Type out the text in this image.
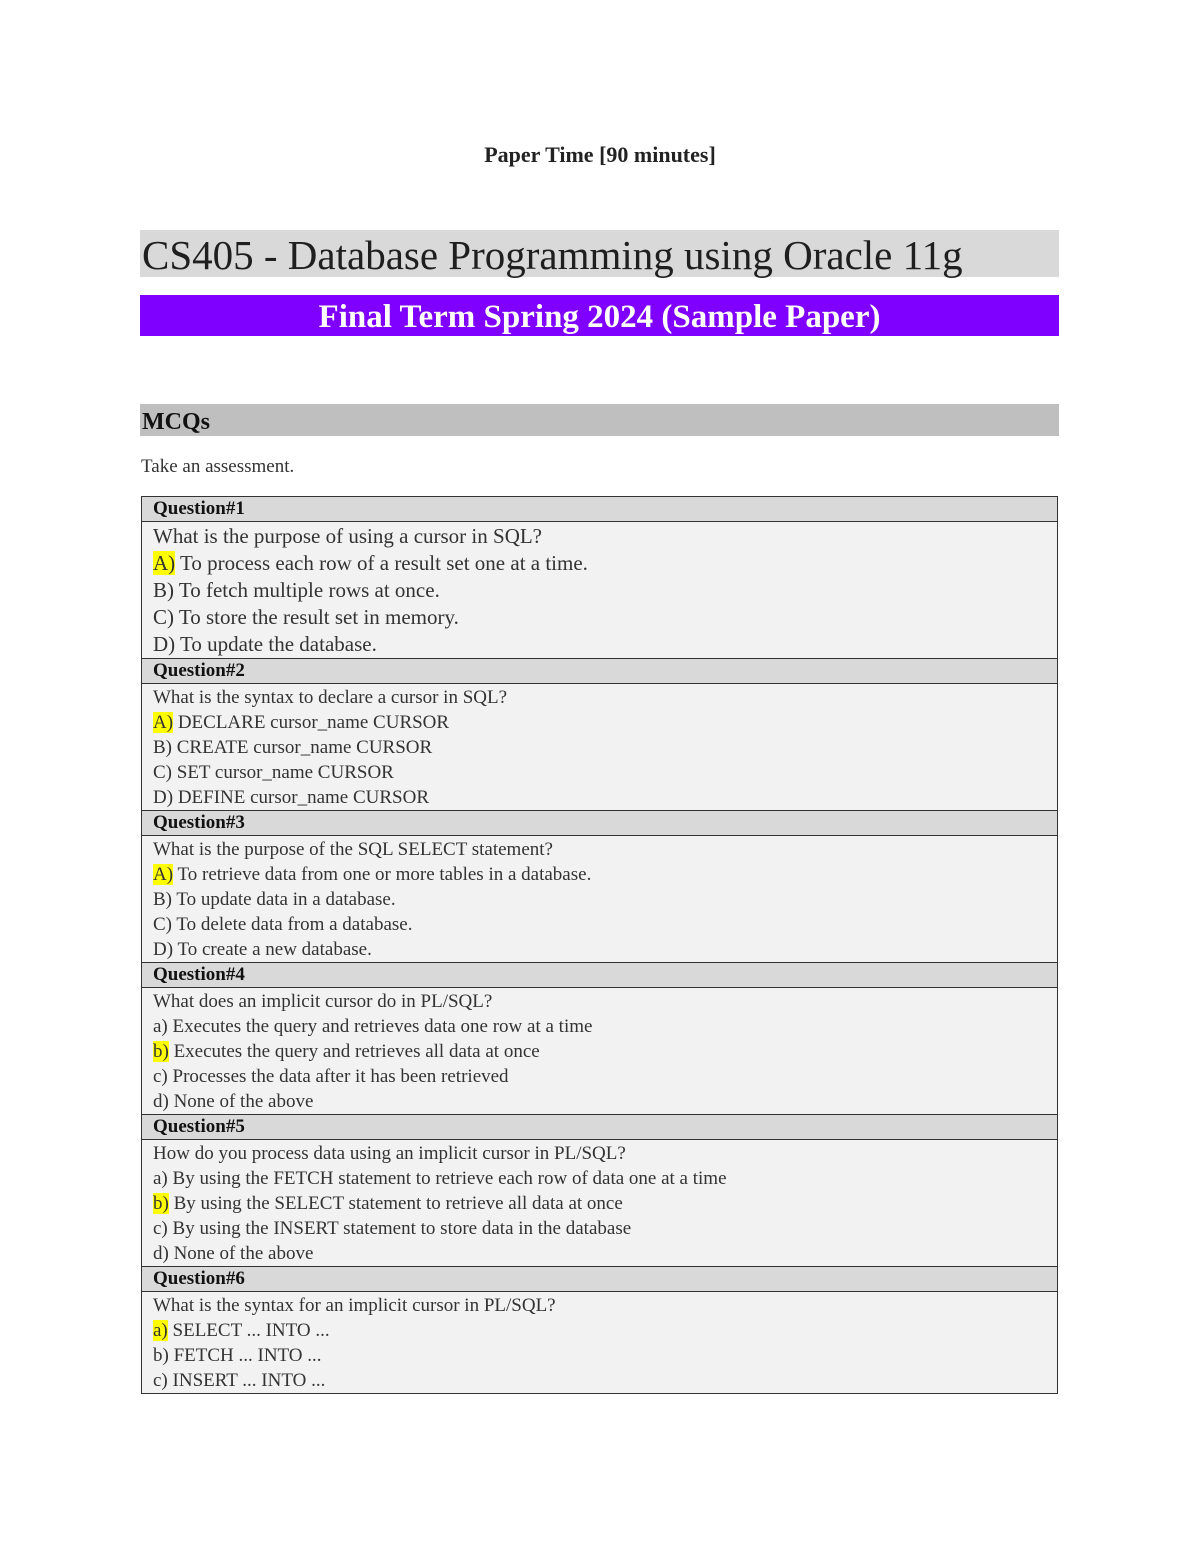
Paper Time [90 minutes]
CS405 - Database Programming using Oracle 11g
Final Term Spring 2024 (Sample Paper)
MCQs
Take an assessment.
Question#1
What is the purpose of using a cursor in SQL?
A) To process each row of a result set one at a time.
B) To fetch multiple rows at once.
C) To store the result set in memory.
D) To update the database.
Question#2
What is the syntax to declare a cursor in SQL?
A) DECLARE cursor_name CURSOR
B) CREATE cursor_name CURSOR
C) SET cursor_name CURSOR
D) DEFINE cursor_name CURSOR
Question#3
What is the purpose of the SQL SELECT statement?
A) To retrieve data from one or more tables in a database.
B) To update data in a database.
C) To delete data from a database.
D) To create a new database.
Question#4
What does an implicit cursor do in PL/SQL?
a) Executes the query and retrieves data one row at a time
b) Executes the query and retrieves all data at once
c) Processes the data after it has been retrieved
d) None of the above
Question#5
How do you process data using an implicit cursor in PL/SQL?
a) By using the FETCH statement to retrieve each row of data one at a time
b) By using the SELECT statement to retrieve all data at once
c) By using the INSERT statement to store data in the database
d) None of the above
Question#6
What is the syntax for an implicit cursor in PL/SQL?
a) SELECT ... INTO ...
b) FETCH ... INTO ...
c) INSERT ... INTO ...
